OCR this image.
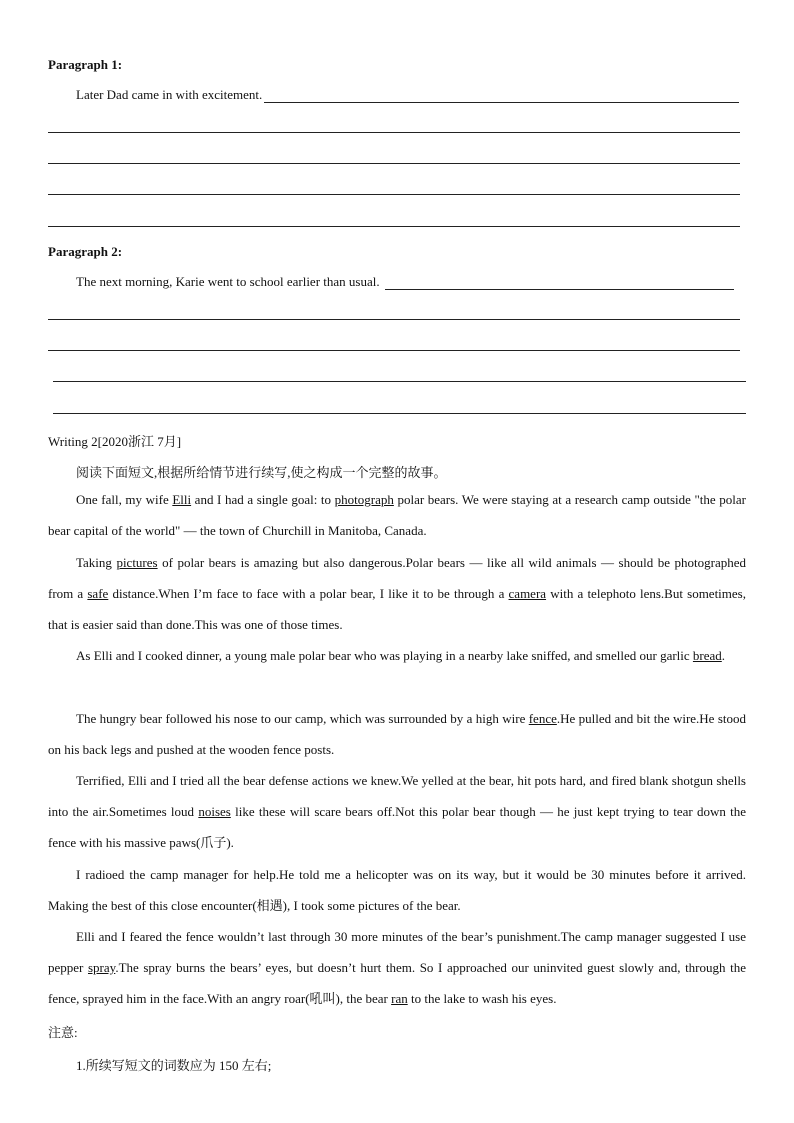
Paragraph 1:
Later Dad came in with excitement.
Paragraph 2:
The next morning, Karie went to school earlier than usual.
Writing 2[2020浙江 7月]
阅读下面短文,根据所给情节进行续写,使之构成一个完整的故事。
One fall, my wife Elli and I had a single goal: to photograph polar bears. We were staying at a research camp outside "the polar bear capital of the world" — the town of Churchill in Manitoba, Canada.
Taking pictures of polar bears is amazing but also dangerous.Polar bears — like all wild animals — should be photographed from a safe distance.When I’m face to face with a polar bear, I like it to be through a camera with a telephoto lens.But sometimes, that is easier said than done.This was one of those times.
As Elli and I cooked dinner, a young male polar bear who was playing in a nearby lake sniffed, and smelled our garlic bread.
The hungry bear followed his nose to our camp, which was surrounded by a high wire fence.He pulled and bit the wire.He stood on his back legs and pushed at the wooden fence posts.
Terrified, Elli and I tried all the bear defense actions we knew.We yelled at the bear, hit pots hard, and fired blank shotgun shells into the air.Sometimes loud noises like these will scare bears off.Not this polar bear though — he just kept trying to tear down the fence with his massive paws(爪子).
I radioed the camp manager for help.He told me a helicopter was on its way, but it would be 30 minutes before it arrived. Making the best of this close encounter(相遇), I took some pictures of the bear.
Elli and I feared the fence wouldn’t last through 30 more minutes of the bear’s punishment.The camp manager suggested I use pepper spray.The spray burns the bears’ eyes, but doesn’t hurt them. So I approached our uninvited guest slowly and, through the fence, sprayed him in the face.With an angry roar(吼叫), the bear ran to the lake to wash his eyes.
注意:
1.所续写短文的词数应为 150 左右;
